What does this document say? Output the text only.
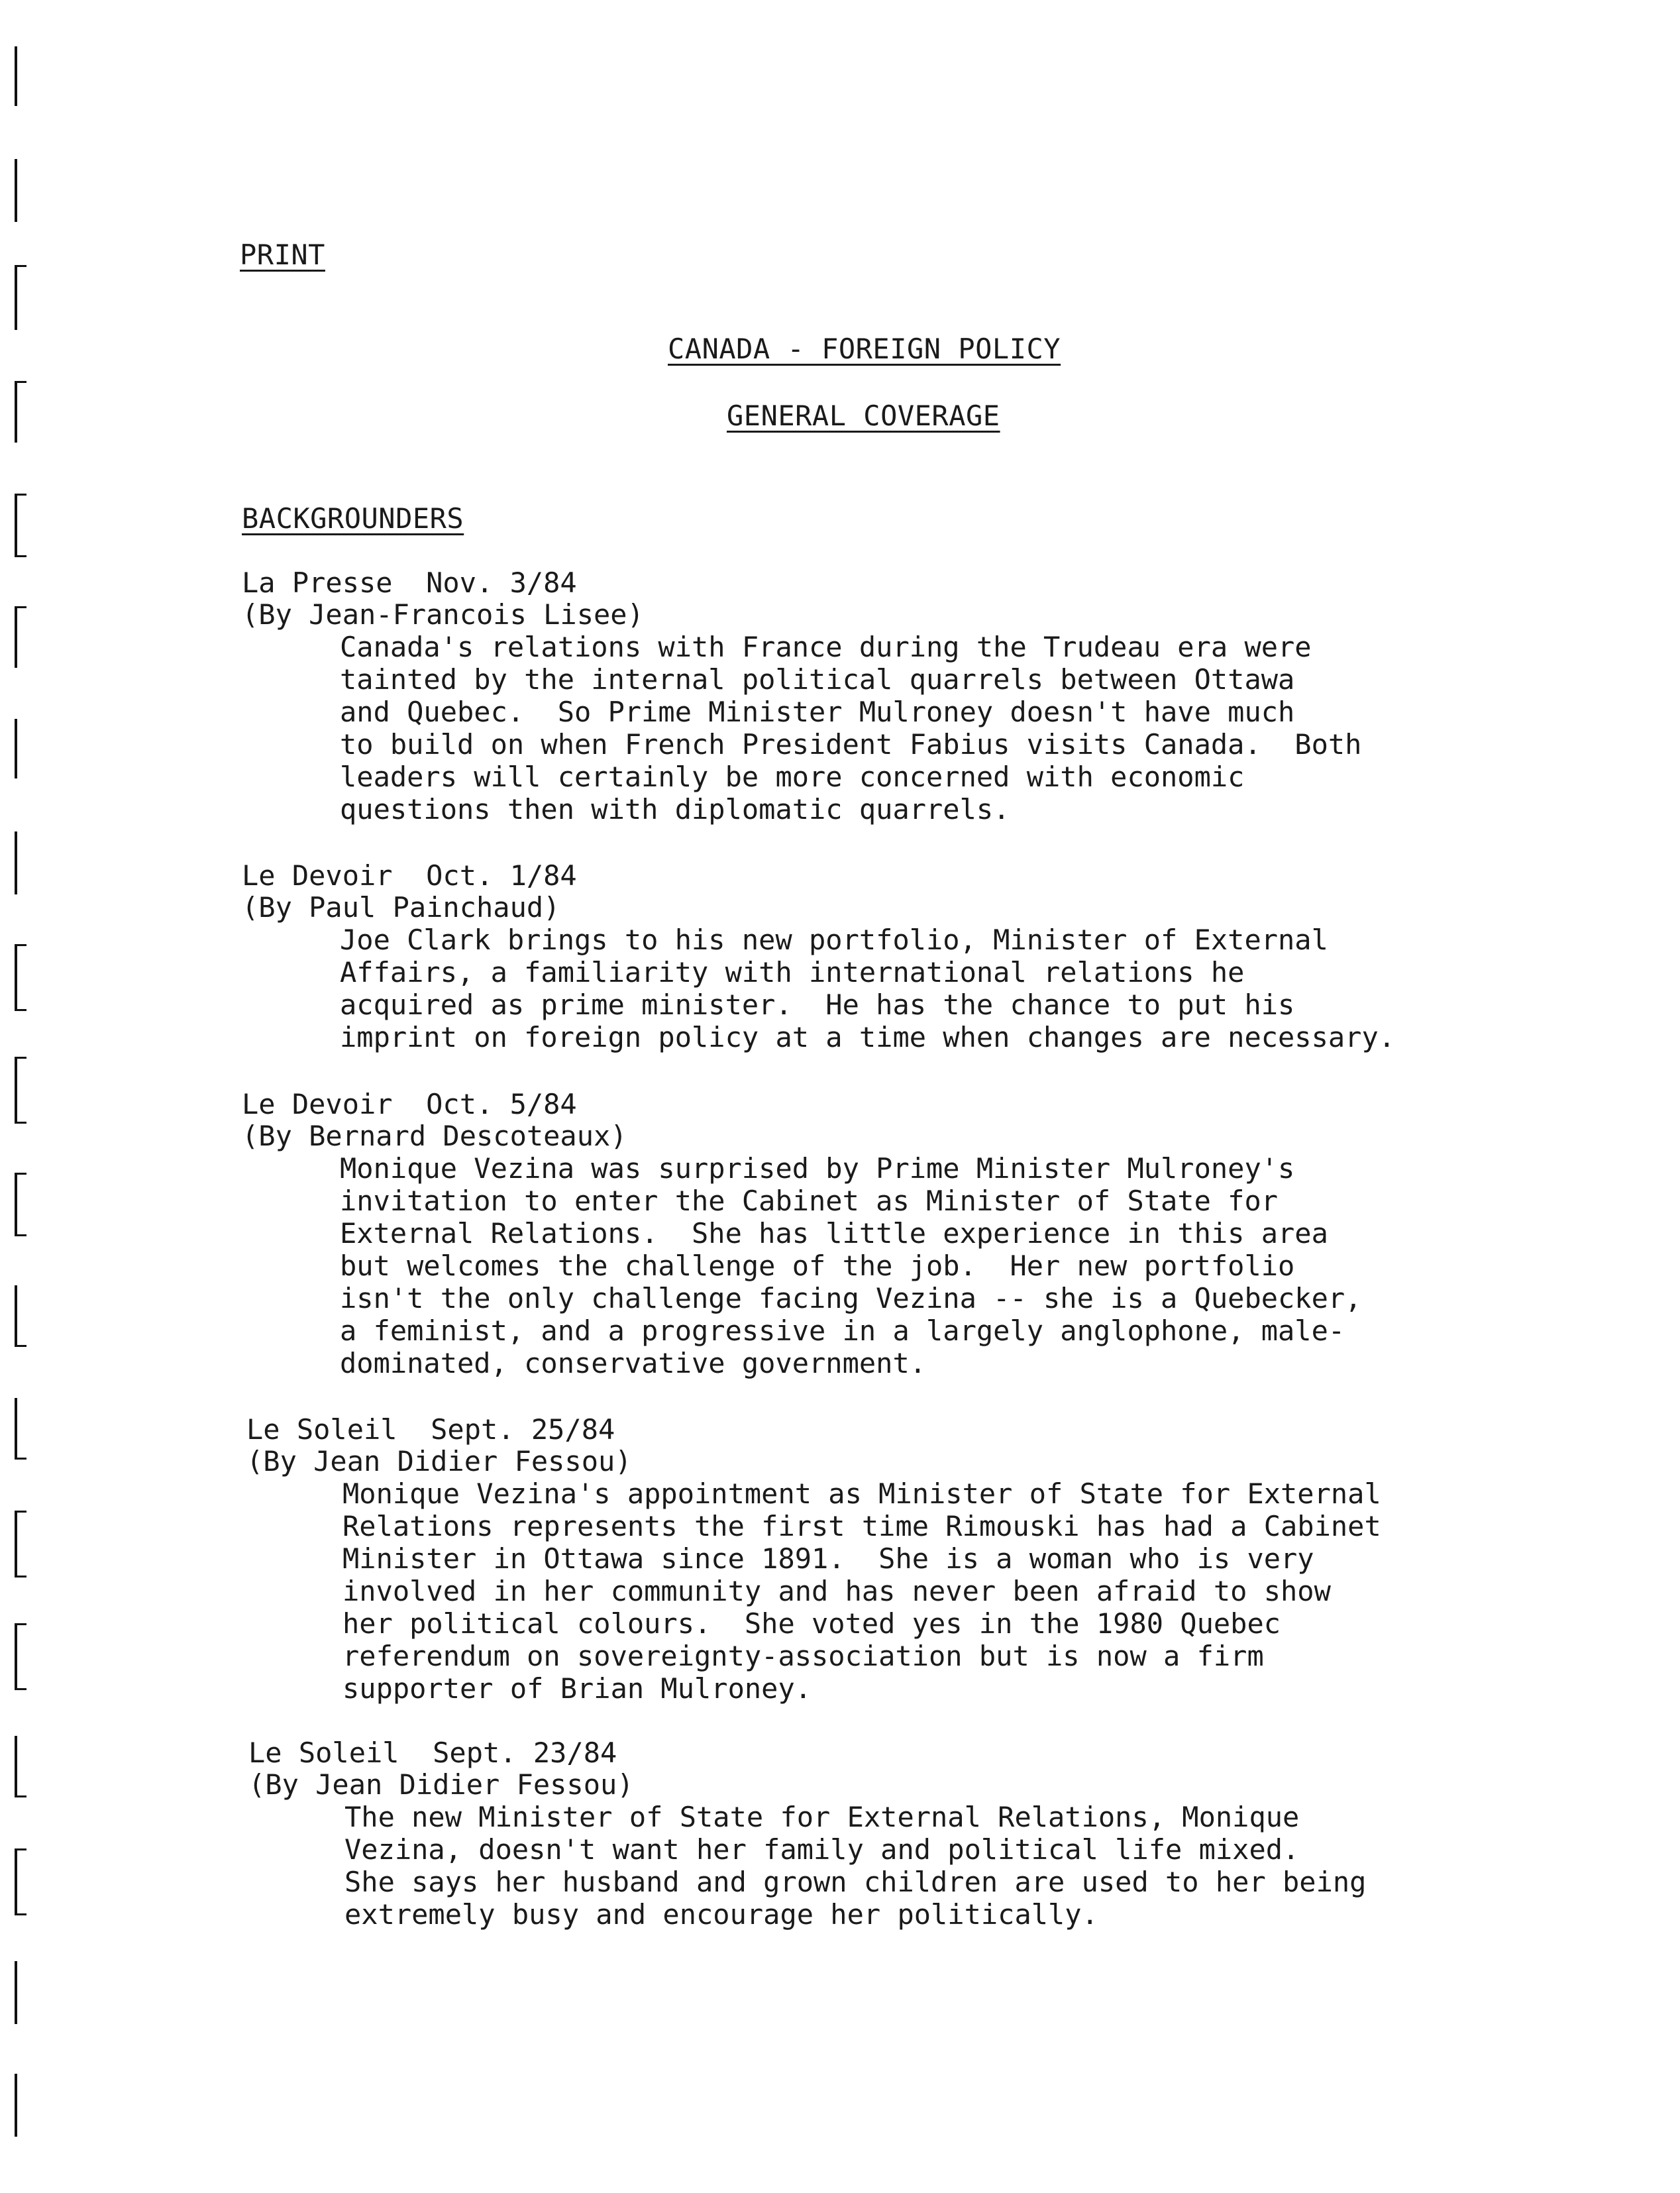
PRINT
CANADA - FOREIGN POLICY
GENERAL COVERAGE
BACKGROUNDERS
La Presse  Nov. 3/84
(By Jean-Francois Lisee)
Canada's relations with France during the Trudeau era were
tainted by the internal political quarrels between Ottawa
and Quebec.  So Prime Minister Mulroney doesn't have much
to build on when French President Fabius visits Canada.  Both
leaders will certainly be more concerned with economic
questions then with diplomatic quarrels.
Le Devoir  Oct. 1/84
(By Paul Painchaud)
Joe Clark brings to his new portfolio, Minister of External
Affairs, a familiarity with international relations he
acquired as prime minister.  He has the chance to put his
imprint on foreign policy at a time when changes are necessary.
Le Devoir  Oct. 5/84
(By Bernard Descoteaux)
Monique Vezina was surprised by Prime Minister Mulroney's
invitation to enter the Cabinet as Minister of State for
External Relations.  She has little experience in this area
but welcomes the challenge of the job.  Her new portfolio
isn't the only challenge facing Vezina -- she is a Quebecker,
a feminist, and a progressive in a largely anglophone, male-
dominated, conservative government.
Le Soleil  Sept. 25/84
(By Jean Didier Fessou)
Monique Vezina's appointment as Minister of State for External
Relations represents the first time Rimouski has had a Cabinet
Minister in Ottawa since 1891.  She is a woman who is very
involved in her community and has never been afraid to show
her political colours.  She voted yes in the 1980 Quebec
referendum on sovereignty-association but is now a firm
supporter of Brian Mulroney.
Le Soleil  Sept. 23/84
(By Jean Didier Fessou)
The new Minister of State for External Relations, Monique
Vezina, doesn't want her family and political life mixed.
She says her husband and grown children are used to her being
extremely busy and encourage her politically.
